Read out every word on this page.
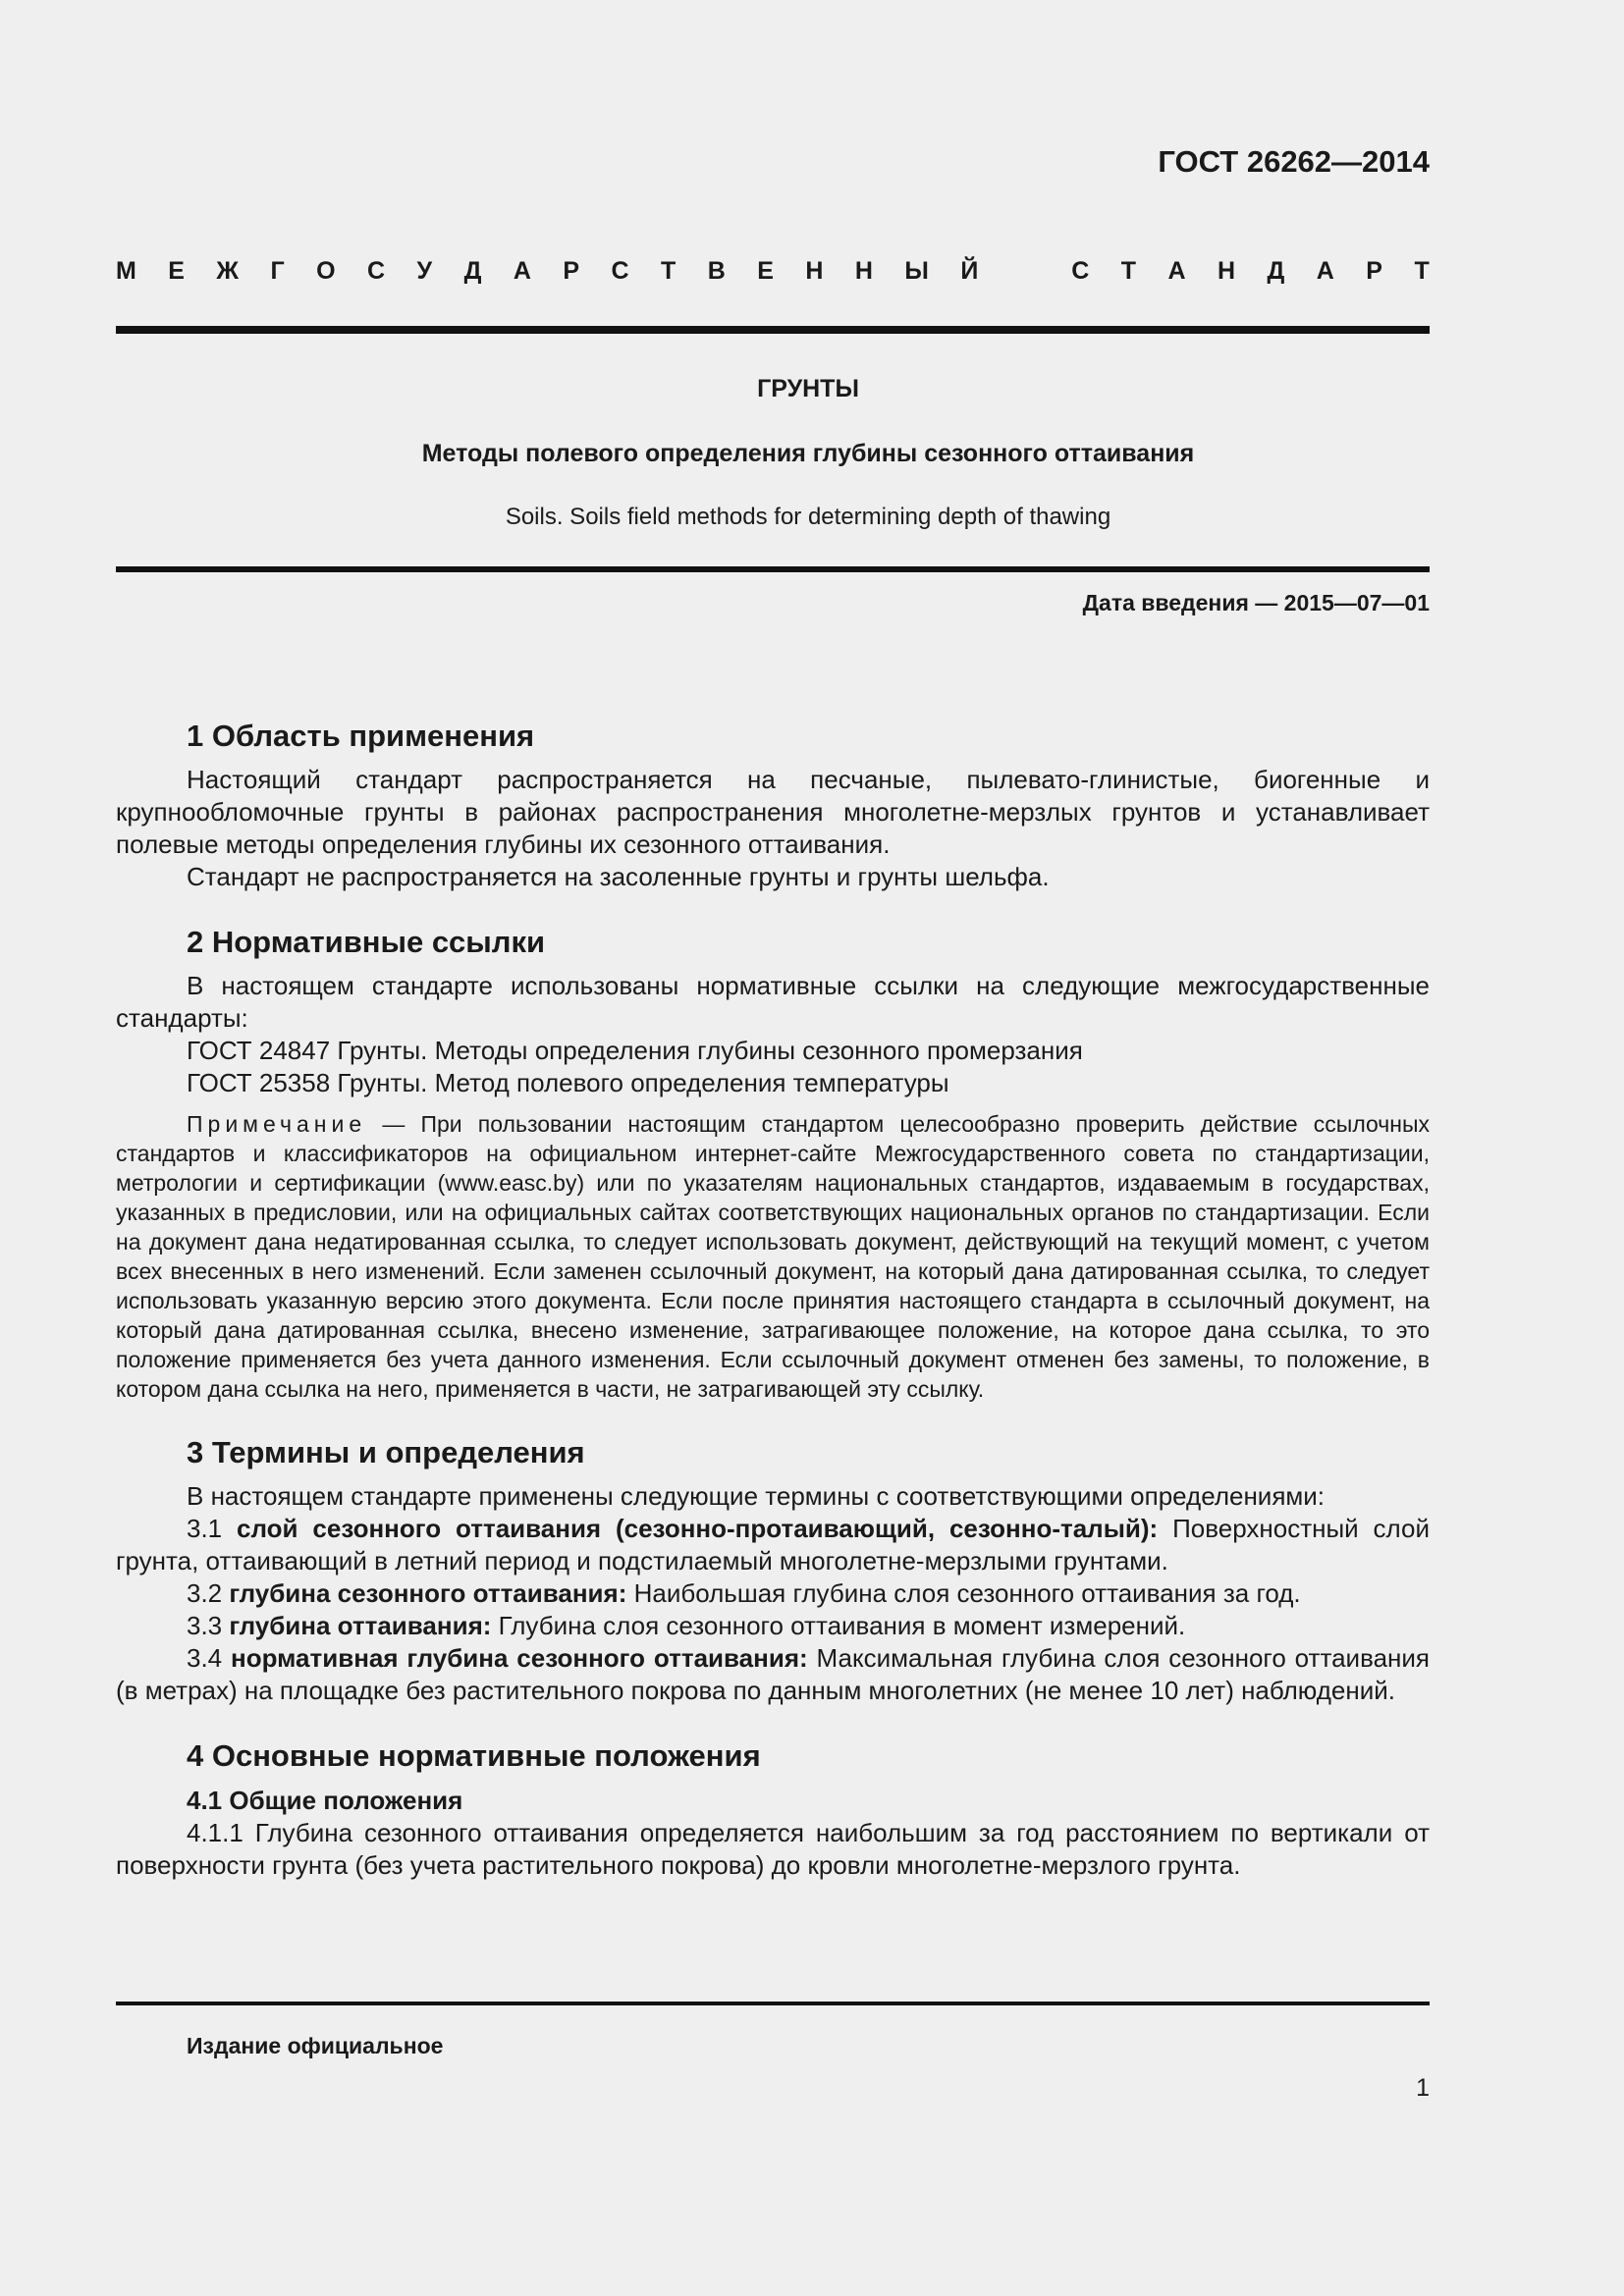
ГОСТ 26262—2014

М Е Ж Г О С У Д А Р С Т В Е Н Н Ы Й	С Т А Н Д А Р Т

ГРУНТЫ

Методы полевого определения глубины сезонного оттаивания

Soils. Soils field methods for determining depth of thawing

Дата введения — 2015—07—01

1 Область применения

Настоящий стандарт распространяется на песчаные, пылевато-глинистые, биогенные и крупнообломочные грунты в районах распространения многолетне-мерзлых грунтов и устанавливает полевые методы определения глубины их сезонного оттаивания.

Стандарт не распространяется на засоленные грунты и грунты шельфа.

2 Нормативные ссылки

В настоящем стандарте использованы нормативные ссылки на следующие межгосударственные стандарты:

ГОСТ 24847 Грунты. Методы определения глубины сезонного промерзания

ГОСТ 25358 Грунты. Метод полевого определения температуры

Примечание — При пользовании настоящим стандартом целесообразно проверить действие ссылочных стандартов и классификаторов на официальном интернет-сайте Межгосударственного совета по стандартизации, метрологии и сертификации (www.easc.by) или по указателям национальных стандартов, издаваемым в государствах, указанных в предисловии, или на официальных сайтах соответствующих национальных органов по стандартизации. Если на документ дана недатированная ссылка, то следует использовать документ, действующий на текущий момент, с учетом всех внесенных в него изменений. Если заменен ссылочный документ, на который дана датированная ссылка, то следует использовать указанную версию этого документа. Если после принятия настоящего стандарта в ссылочный документ, на который дана датированная ссылка, внесено изменение, затрагивающее положение, на которое дана ссылка, то это положение применяется без учета данного изменения. Если ссылочный документ отменен без замены, то положение, в котором дана ссылка на него, применяется в части, не затрагивающей эту ссылку.

3 Термины и определения

В настоящем стандарте применены следующие термины с соответствующими определениями:

3.1 слой сезонного оттаивания (сезонно-протаивающий, сезонно-талый): Поверхностный слой грунта, оттаивающий в летний период и подстилаемый многолетне-мерзлыми грунтами.

3.2 глубина сезонного оттаивания: Наибольшая глубина слоя сезонного оттаивания за год.

3.3 глубина оттаивания: Глубина слоя сезонного оттаивания в момент измерений.

3.4 нормативная глубина сезонного оттаивания: Максимальная глубина слоя сезонного оттаивания (в метрах) на площадке без растительного покрова по данным многолетних (не менее 10 лет) наблюдений.

4 Основные нормативные положения
4.1 Общие положения

4.1.1 Глубина сезонного оттаивания определяется наибольшим за год расстоянием по вертикали от поверхности грунта (без учета растительного покрова) до кровли многолетне-мерзлого грунта.

Издание официальное

1
